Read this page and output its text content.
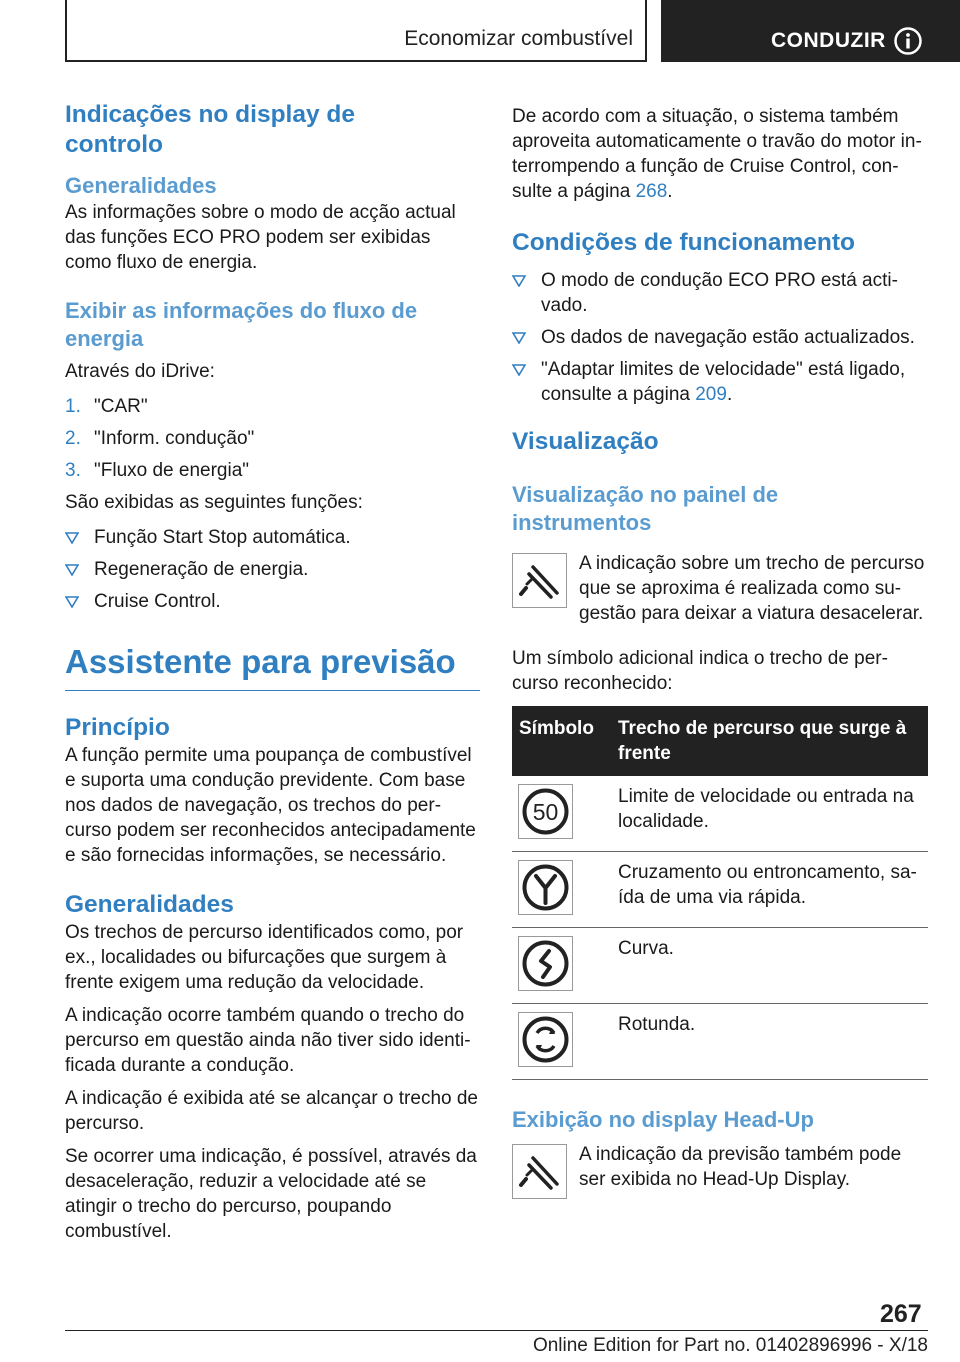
Economizar combustível	CONDUZIR
Indicações no display de controlo
Generalidades

As informações sobre o modo de acção actual das funções ECO PRO podem ser exibidas como fluxo de energia.

Exibir as informações do fluxo de energia

Através do iDrive:

1. "CAR"
2. "Inform. condução"
3. "Fluxo de energia"

São exibidas as seguintes funções:

Função Start Stop automática.
Regeneração de energia.
Cruise Control.
Assistente para previsão
Princípio

A função permite uma poupança de combustível e suporta uma condução previdente. Com base nos dados de navegação, os trechos do per-curso podem ser reconhecidos antecipadamente e são fornecidas informações, se necessário.

Generalidades

Os trechos de percurso identificados como, por ex., localidades ou bifurcações que surgem à frente exigem uma redução da velocidade.

A indicação ocorre também quando o trecho do percurso em questão ainda não tiver sido identi-ficada durante a condução.

A indicação é exibida até se alcançar o trecho de percurso.

Se ocorrer uma indicação, é possível, através da desaceleração, reduzir a velocidade até se atingir o trecho do percurso, poupando combustível.

De acordo com a situação, o sistema também aproveita automaticamente o travão do motor in-terrompendo a função de Cruise Control, con-sulte a página 268.

Condições de funcionamento
O modo de condução ECO PRO está acti-vado.
Os dados de navegação estão actualizados.
"Adaptar limites de velocidade" está ligado, consulte a página 209.
Visualização
Visualização no painel de instrumentos

A indicação sobre um trecho de percurso que se aproxima é realizada como su-gestão para deixar a viatura desacelerar.

Um símbolo adicional indica o trecho de per-curso reconhecido:

Símbolo	Trecho de percurso que surge à frente

50	Limite de velocidade ou entrada na localidade.

	Cruzamento ou entroncamento, sa-ída de uma via rápida.

	Curva.

	Rotunda.
Exibição no display Head-Up

A indicação da previsão também pode ser exibida no Head-Up Display.

267
Online Edition for Part no. 01402896996 - X/18
